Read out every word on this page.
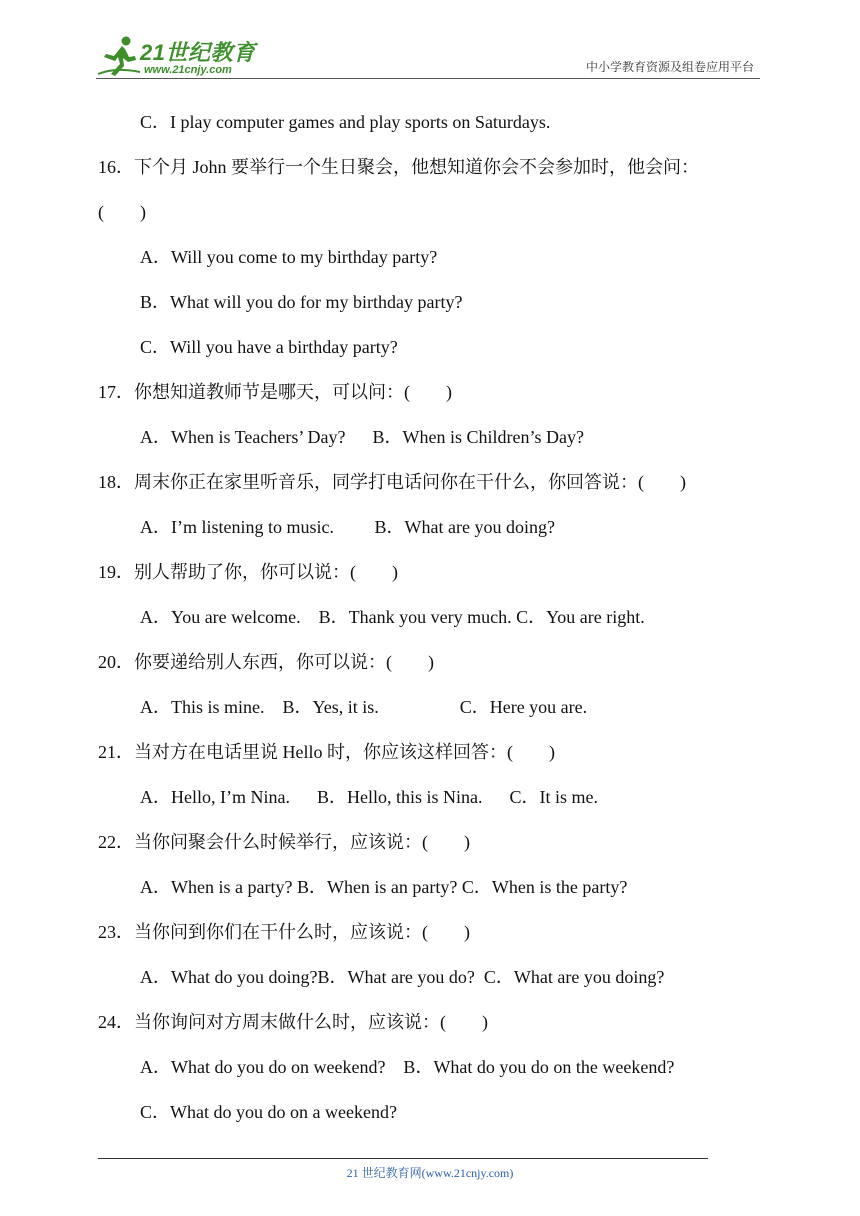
21世纪教育
www.21cnjy.com	中小学教育资源及组卷应用平台
C．I play computer games and play sports on Saturdays.
16．下个月 John 要举行一个生日聚会，他想知道你会不会参加时，他会问：
(        )
A．Will you come to my birthday party?
B．What will you do for my birthday party?
C．Will you have a birthday party?
17．你想知道教师节是哪天，可以问：(        )
A．When is Teachers’ Day?      B．When is Children’s Day?
18．周末你正在家里听音乐，同学打电话问你在干什么，你回答说：(        )
A．I’m listening to music.         B．What are you doing?
19．别人帮助了你，你可以说：(        )
A．You are welcome.    B．Thank you very much. C．You are right.
20．你要递给别人东西，你可以说：(        )
A．This is mine.    B．Yes, it is.                  C．Here you are.
21．当对方在电话里说 Hello 时，你应该这样回答：(        )
A．Hello, I’m Nina.      B．Hello, this is Nina.      C．It is me.
22．当你问聚会什么时候举行，应该说：(        )
A．When is a party? B．When is an party? C．When is the party?
23．当你问到你们在干什么时，应该说：(        )
A．What do you doing?B．What are you do?  C．What are you doing?
24．当你询问对方周末做什么时，应该说：(        )
A．What do you do on weekend?    B．What do you do on the weekend?
C．What do you do on a weekend?
21 世纪教育网(www.21cnjy.com)
